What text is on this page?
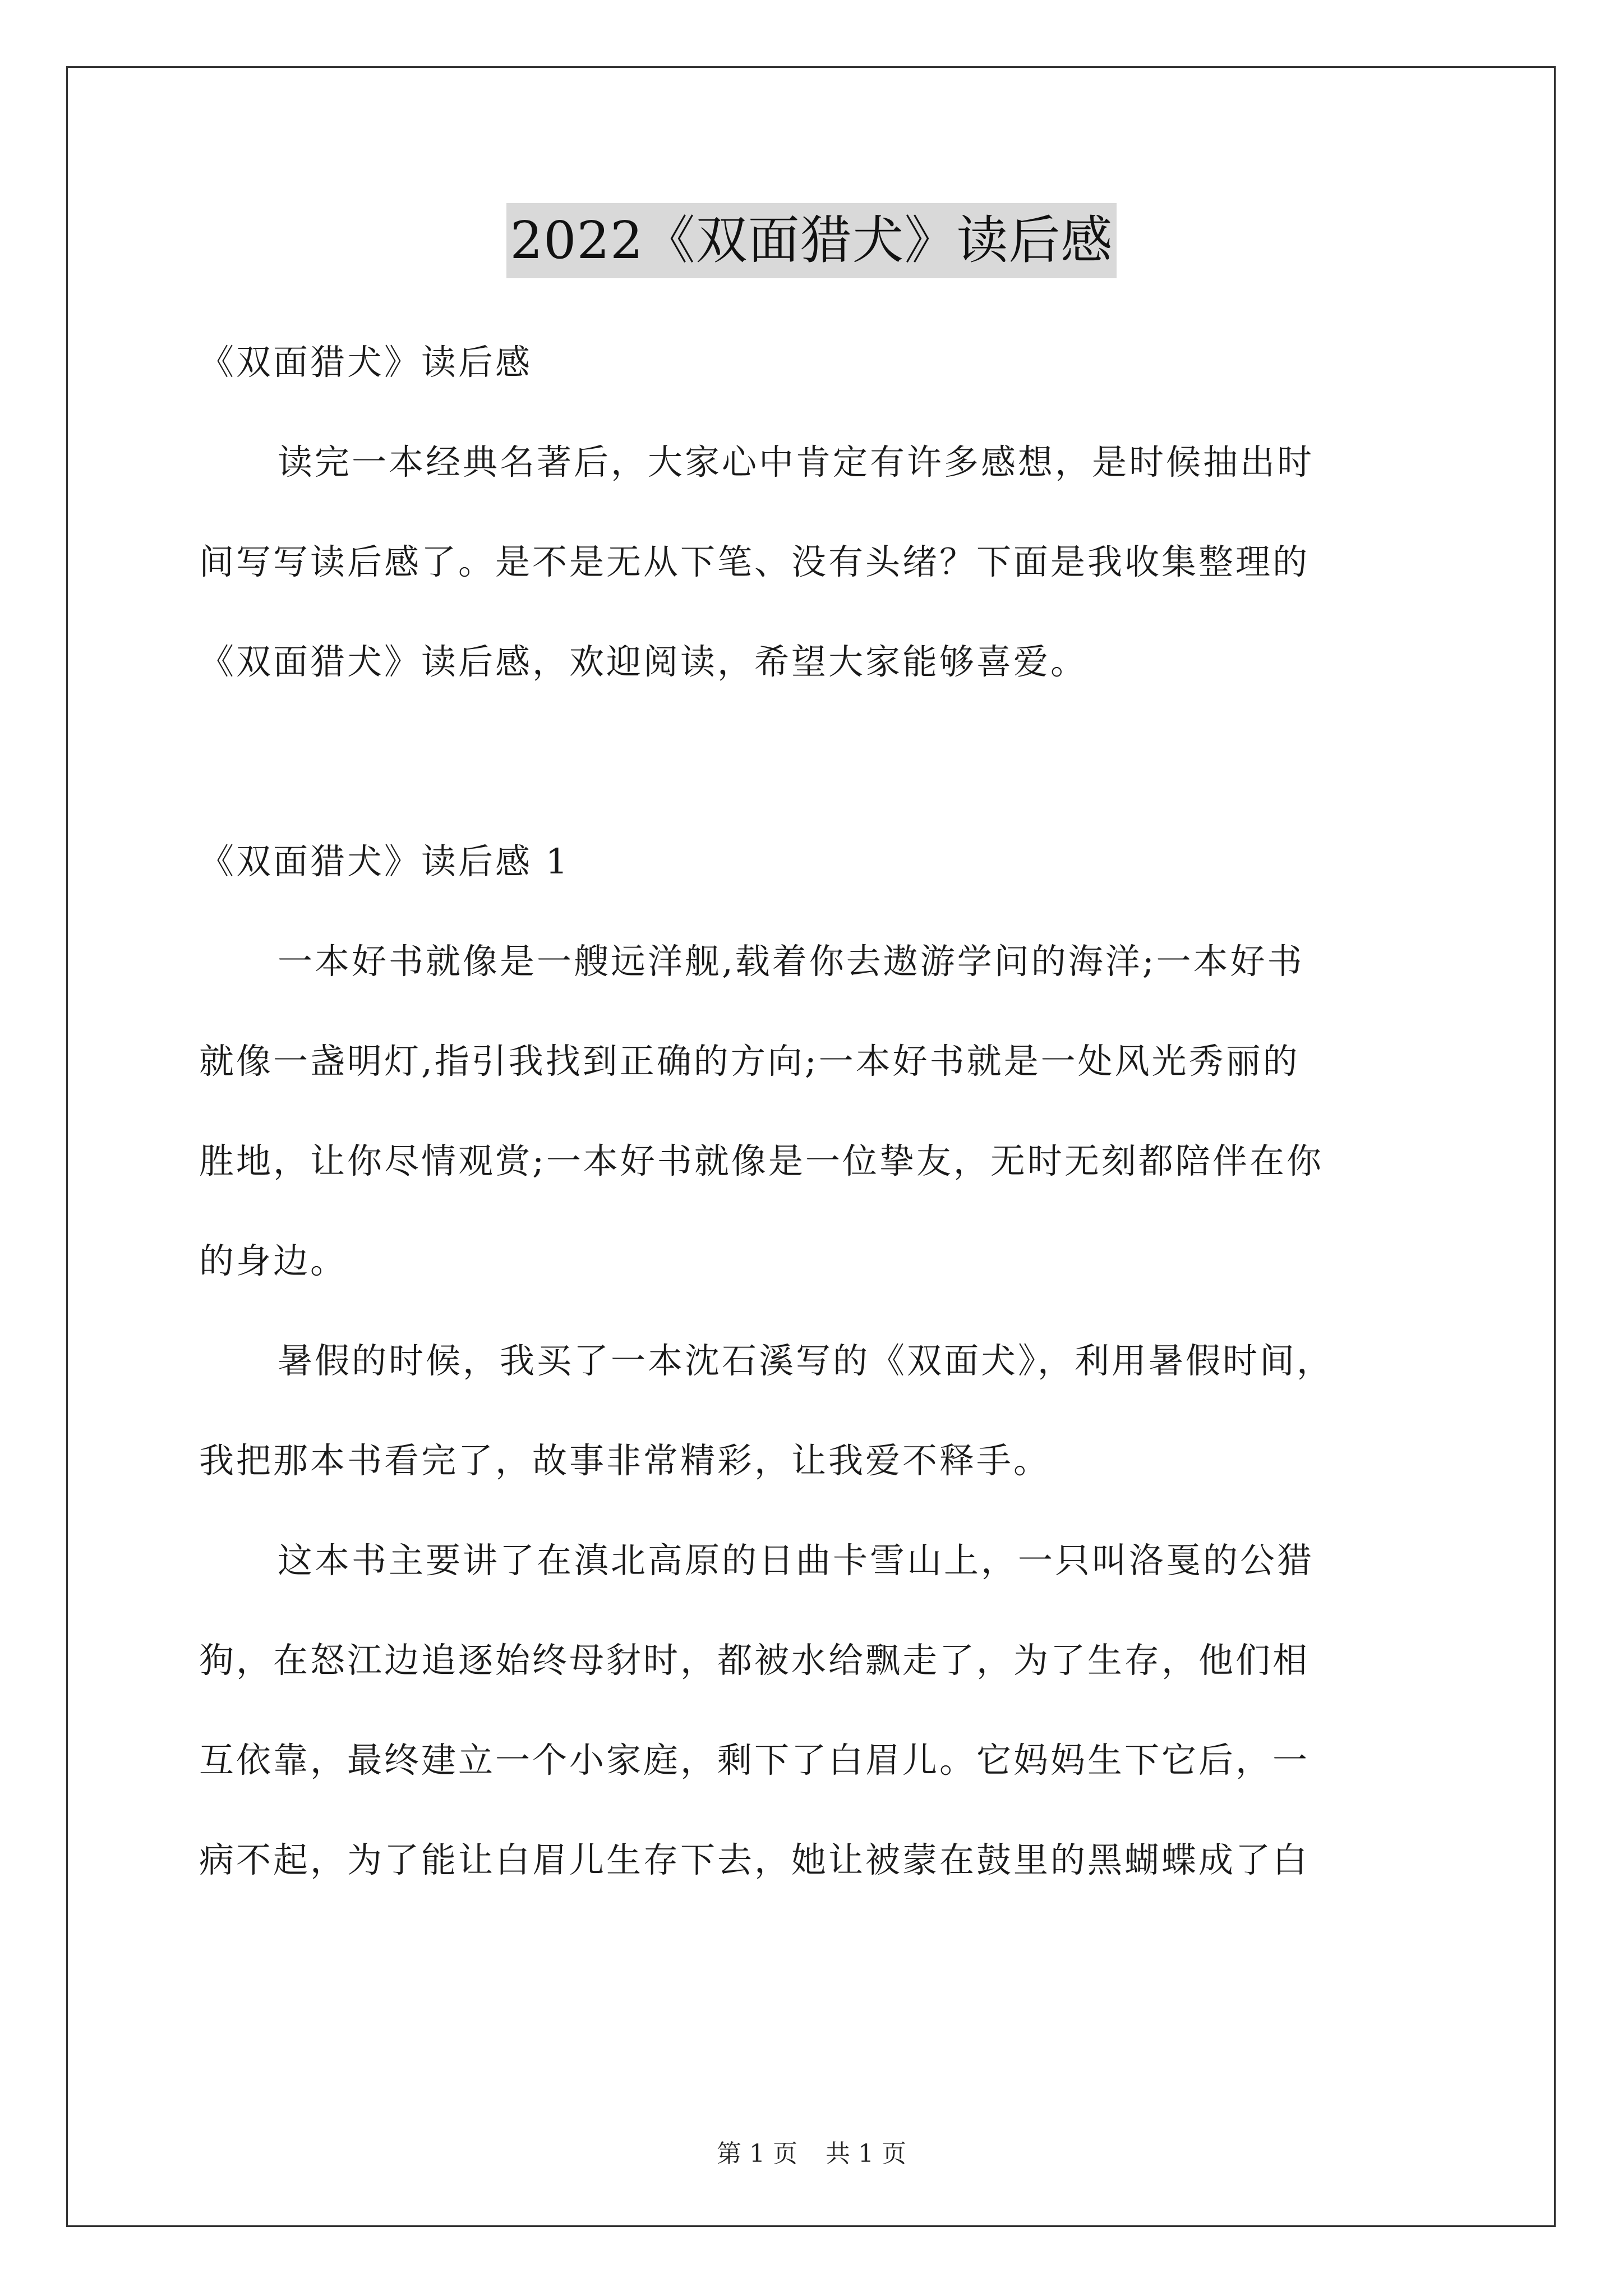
2022《双面猎犬》读后感
《双面猎犬》读后感
读完一本经典名著后，大家心中肯定有许多感想，是时候抽出时
间写写读后感了。是不是无从下笔、没有头绪？下面是我收集整理的
《双面猎犬》读后感，欢迎阅读，希望大家能够喜爱。

《双面猎犬》读后感 1
一本好书就像是一艘远洋舰,载着你去遨游学问的海洋;一本好书
就像一盏明灯,指引我找到正确的方向;一本好书就是一处风光秀丽的
胜地，让你尽情观赏;一本好书就像是一位挚友，无时无刻都陪伴在你
的身边。
暑假的时候，我买了一本沈石溪写的《双面犬》，利用暑假时间，
我把那本书看完了，故事非常精彩，让我爱不释手。
这本书主要讲了在滇北高原的日曲卡雪山上，一只叫洛戛的公猎
狗，在怒江边追逐始终母豺时，都被水给飘走了，为了生存，他们相
互依靠，最终建立一个小家庭，剩下了白眉儿。它妈妈生下它后，一
病不起，为了能让白眉儿生存下去，她让被蒙在鼓里的黑蝴蝶成了白
第 1 页 共 1 页
